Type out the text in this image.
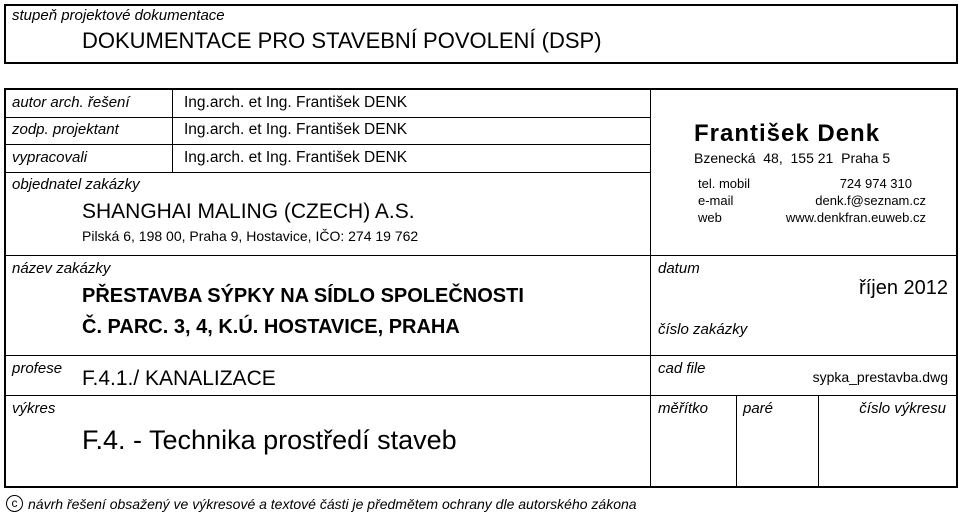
stupeň projektové dokumentace
DOKUMENTACE PRO STAVEBNÍ POVOLENÍ (DSP)
autor arch. řešení	Ing.arch. et Ing. František DENK
zodp. projektant	Ing.arch. et Ing. František DENK
vypracovali	Ing.arch. et Ing. František DENK
objednatel zakázky
SHANGHAI MALING (CZECH) A.S.
Pilská 6, 198 00, Praha 9, Hostavice, IČO: 274 19 762
František Denk
Bzenecká  48,  155 21  Praha 5
tel. mobil	724 974 310
e-mail	denk.f@seznam.cz
web	www.denkfran.euweb.cz
název zakázky
PŘESTAVBA SÝPKY NA SÍDLO SPOLEČNOSTI
Č. PARC. 3, 4, K.Ú. HOSTAVICE, PRAHA
datum
říjen 2012
číslo zakázky
profese F.4.1./ KANALIZACE	cad file	sypka_prestavba.dwg
výkres
F.4. - Technika prostředí staveb
měřítko paré	číslo výkresu
c návrh řešení obsažený ve výkresové a textové části je předmětem ochrany dle autorského zákona
